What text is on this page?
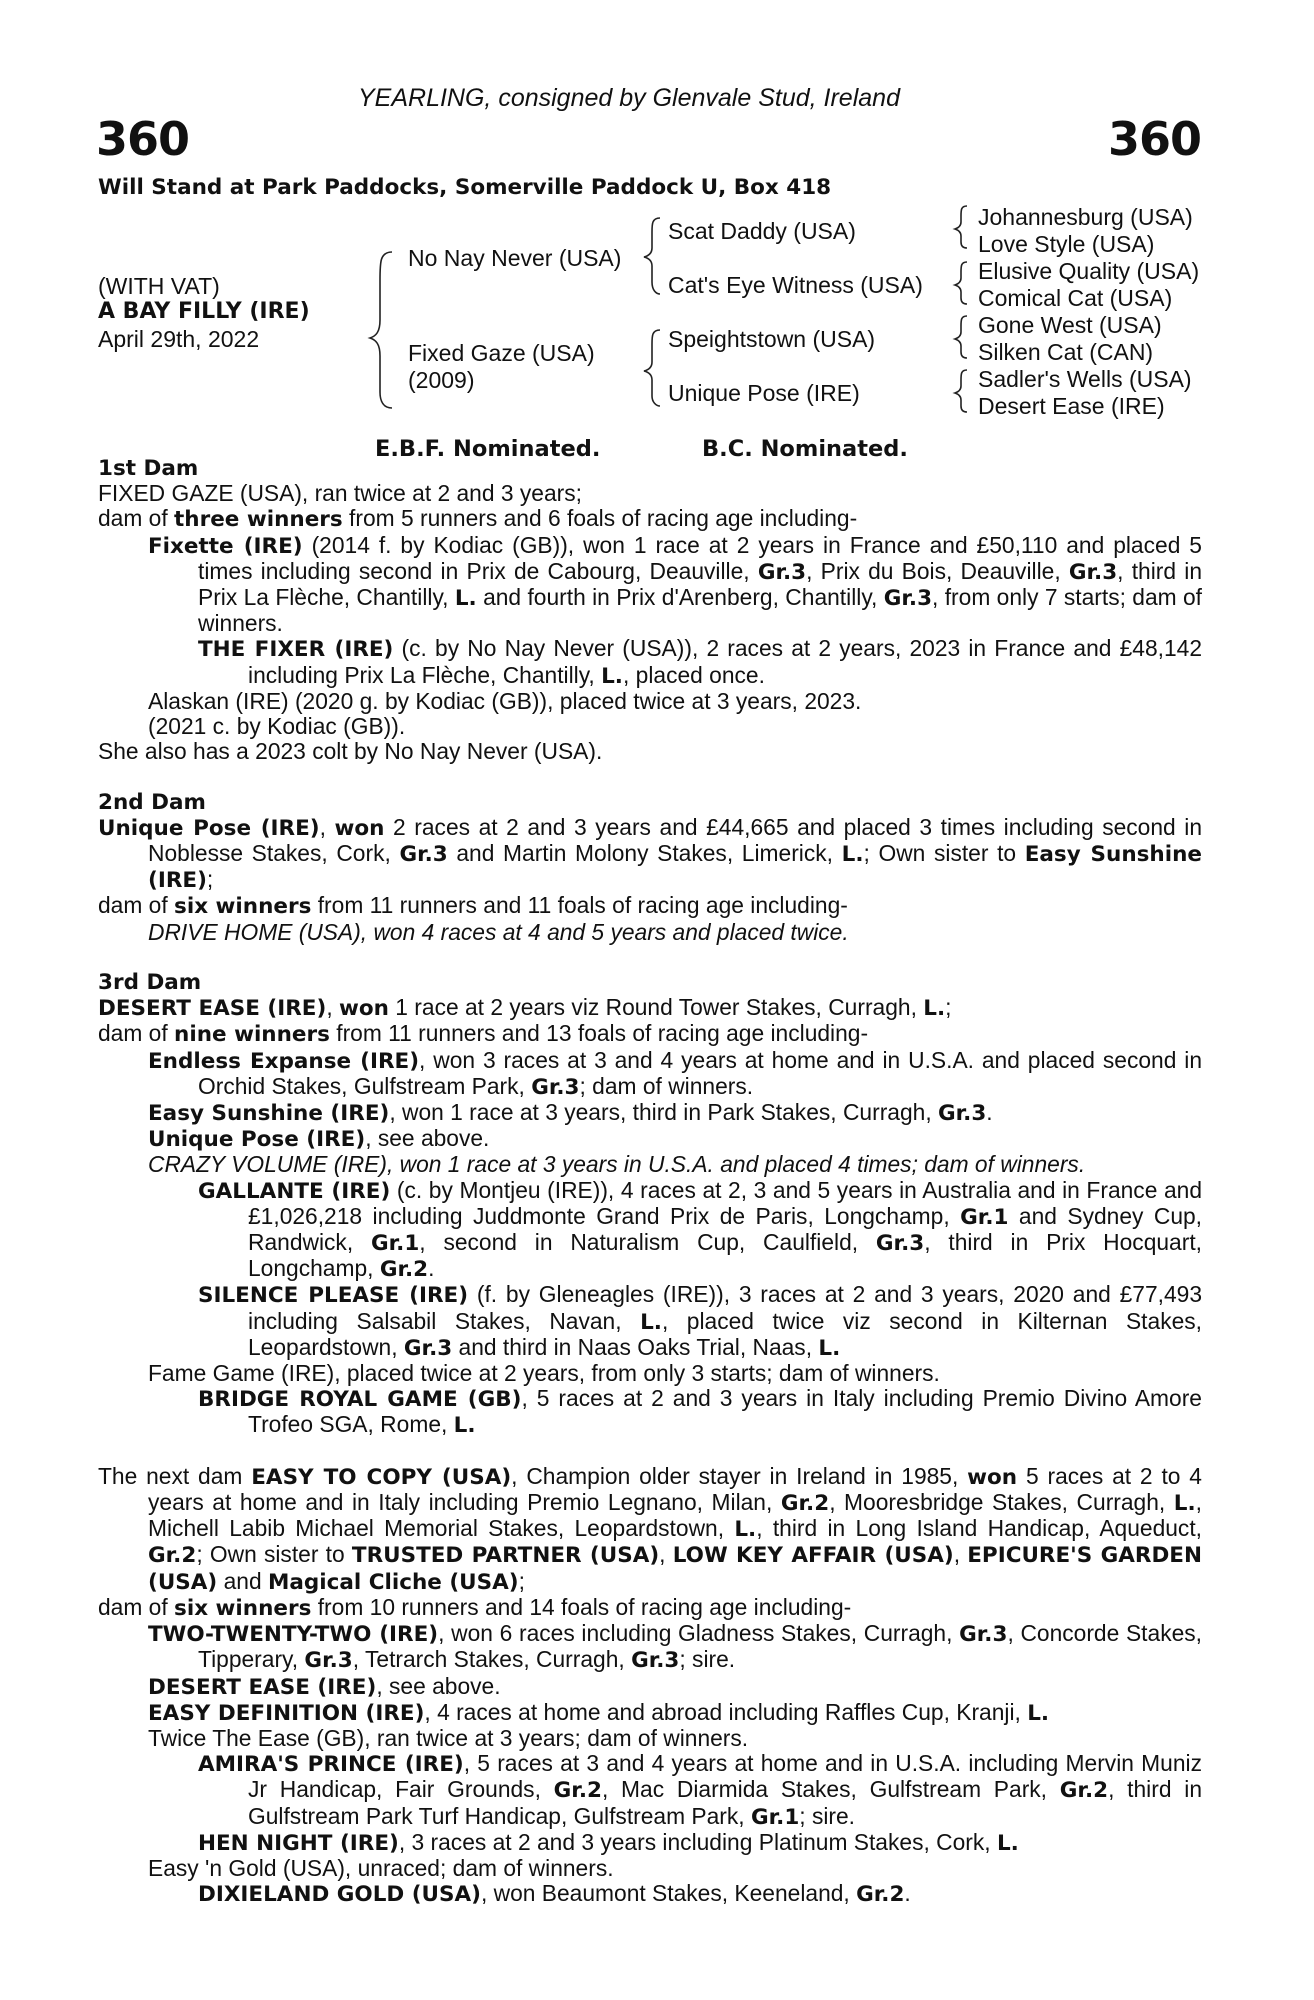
YEARLING, consigned by Glenvale Stud, Ireland
360	360
Will Stand at Park Paddocks, Somerville Paddock U, Box 418
(WITH VAT)
A BAY FILLY (IRE)
April 29th, 2022
No Nay Never (USA)
Fixed Gaze (USA)
(2009)
Scat Daddy (USA)
Cat's Eye Witness (USA)
Speightstown (USA)
Unique Pose (IRE)
Johannesburg (USA)
Love Style (USA)
Elusive Quality (USA)
Comical Cat (USA)
Gone West (USA)
Silken Cat (CAN)
Sadler's Wells (USA)
Desert Ease (IRE)
E.B.F. Nominated.	B.C. Nominated.
1st Dam
FIXED GAZE (USA), ran twice at 2 and 3 years;
dam of three winners from 5 runners and 6 foals of racing age including-
Fixette (IRE) (2014 f. by Kodiac (GB)), won 1 race at 2 years in France and £50,110 and placed 5 times including second in Prix de Cabourg, Deauville, Gr.3, Prix du Bois, Deauville, Gr.3, third in Prix La Flèche, Chantilly, L. and fourth in Prix d'Arenberg, Chantilly, Gr.3, from only 7 starts; dam of winners.
THE FIXER (IRE) (c. by No Nay Never (USA)), 2 races at 2 years, 2023 in France and £48,142 including Prix La Flèche, Chantilly, L., placed once.
Alaskan (IRE) (2020 g. by Kodiac (GB)), placed twice at 3 years, 2023.
(2021 c. by Kodiac (GB)).
She also has a 2023 colt by No Nay Never (USA).
2nd Dam
Unique Pose (IRE), won 2 races at 2 and 3 years and £44,665 and placed 3 times including second in Noblesse Stakes, Cork, Gr.3 and Martin Molony Stakes, Limerick, L.; Own sister to Easy Sunshine (IRE);
dam of six winners from 11 runners and 11 foals of racing age including-
DRIVE HOME (USA), won 4 races at 4 and 5 years and placed twice.
3rd Dam
DESERT EASE (IRE), won 1 race at 2 years viz Round Tower Stakes, Curragh, L.;
dam of nine winners from 11 runners and 13 foals of racing age including-
Endless Expanse (IRE), won 3 races at 3 and 4 years at home and in U.S.A. and placed second in Orchid Stakes, Gulfstream Park, Gr.3; dam of winners.
Easy Sunshine (IRE), won 1 race at 3 years, third in Park Stakes, Curragh, Gr.3.
Unique Pose (IRE), see above.
CRAZY VOLUME (IRE), won 1 race at 3 years in U.S.A. and placed 4 times; dam of winners.
GALLANTE (IRE) (c. by Montjeu (IRE)), 4 races at 2, 3 and 5 years in Australia and in France and £1,026,218 including Juddmonte Grand Prix de Paris, Longchamp, Gr.1 and Sydney Cup, Randwick, Gr.1, second in Naturalism Cup, Caulfield, Gr.3, third in Prix Hocquart, Longchamp, Gr.2.
SILENCE PLEASE (IRE) (f. by Gleneagles (IRE)), 3 races at 2 and 3 years, 2020 and £77,493 including Salsabil Stakes, Navan, L., placed twice viz second in Kilternan Stakes, Leopardstown, Gr.3 and third in Naas Oaks Trial, Naas, L.
Fame Game (IRE), placed twice at 2 years, from only 3 starts; dam of winners.
BRIDGE ROYAL GAME (GB), 5 races at 2 and 3 years in Italy including Premio Divino Amore Trofeo SGA, Rome, L.
The next dam EASY TO COPY (USA), Champion older stayer in Ireland in 1985, won 5 races at 2 to 4 years at home and in Italy including Premio Legnano, Milan, Gr.2, Mooresbridge Stakes, Curragh, L., Michell Labib Michael Memorial Stakes, Leopardstown, L., third in Long Island Handicap, Aqueduct, Gr.2; Own sister to TRUSTED PARTNER (USA), LOW KEY AFFAIR (USA), EPICURE'S GARDEN (USA) and Magical Cliche (USA);
dam of six winners from 10 runners and 14 foals of racing age including-
TWO-TWENTY-TWO (IRE), won 6 races including Gladness Stakes, Curragh, Gr.3, Concorde Stakes, Tipperary, Gr.3, Tetrarch Stakes, Curragh, Gr.3; sire.
DESERT EASE (IRE), see above.
EASY DEFINITION (IRE), 4 races at home and abroad including Raffles Cup, Kranji, L.
Twice The Ease (GB), ran twice at 3 years; dam of winners.
AMIRA'S PRINCE (IRE), 5 races at 3 and 4 years at home and in U.S.A. including Mervin Muniz Jr Handicap, Fair Grounds, Gr.2, Mac Diarmida Stakes, Gulfstream Park, Gr.2, third in Gulfstream Park Turf Handicap, Gulfstream Park, Gr.1; sire.
HEN NIGHT (IRE), 3 races at 2 and 3 years including Platinum Stakes, Cork, L.
Easy 'n Gold (USA), unraced; dam of winners.
DIXIELAND GOLD (USA), won Beaumont Stakes, Keeneland, Gr.2.
